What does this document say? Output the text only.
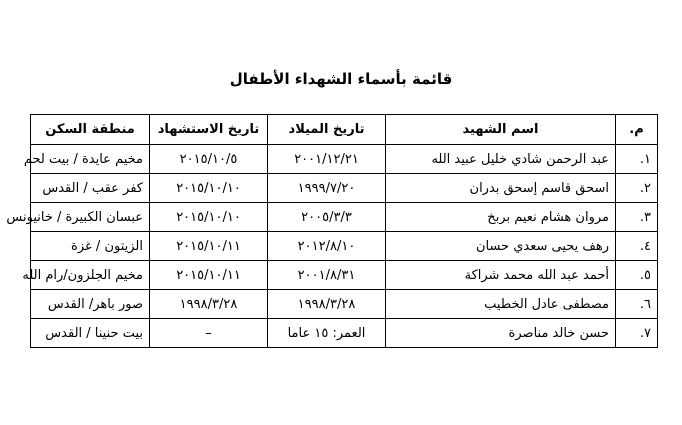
قائمة بأسماء الشهداء الأطفال
م.	اسم الشهيد	تاريخ الميلاد	تاريخ الاستشهاد	منطقة السكن
١.	عبد الرحمن شادي خليل عبيد الله	٢٠٠١/١٢/٢١	٢٠١٥/١٠/٥	مخيم عايدة / بيت لحم
٢.	اسحق قاسم إسحق بدران	١٩٩٩/٧/٢٠	٢٠١٥/١٠/١٠	كفر عقب / القدس
٣.	مروان هشام نعيم بربخ	٢٠٠٥/٣/٣	٢٠١٥/١٠/١٠	عبسان الكبيرة / خانيونس
٤.	رهف يحيى سعدي حسان	٢٠١٢/٨/١٠	٢٠١٥/١٠/١١	الزيتون / غزة
٥.	أحمد عبد الله محمد شراكة	٢٠٠١/٨/٣١	٢٠١٥/١٠/١١	مخيم الجلزون/رام الله
٦.	مصطفى عادل الخطيب	١٩٩٨/٣/٢٨	١٩٩٨/٣/٢٨	صور باهر/ القدس
٧.	حسن خالد مناصرة	العمر: ١٥ عاما	–	بيت حنينا / القدس
